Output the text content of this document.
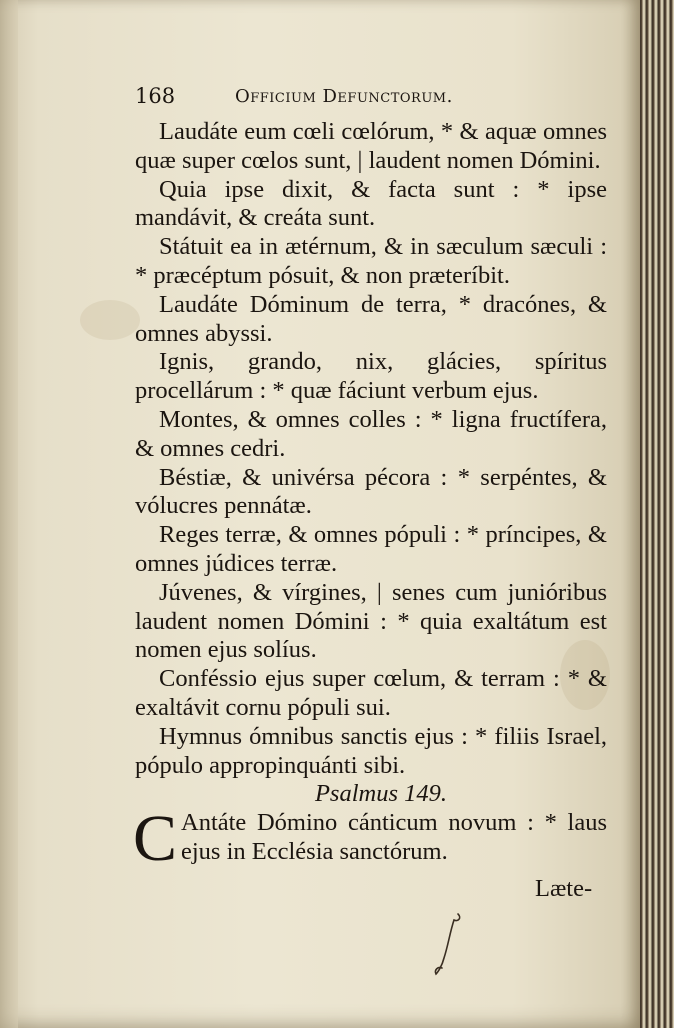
168	Officium Defunctorum.

Laudáte eum cœli cœlórum, * & aquæ omnes quæ super cœlos sunt, | laudent nomen Dómini.

Quia ipse dixit, & facta sunt : * ipse mandávit, & creáta sunt.

Státuit ea in ætérnum, & in sæculum sæculi : * præcéptum pósuit, & non præteríbit.

Laudáte Dóminum de terra, * dracónes, & omnes abyssi.

Ignis, grando, nix, glácies, spíritus procellárum : * quæ fáciunt verbum ejus.

Montes, & omnes colles : * ligna fructífera, & omnes cedri.

Béstiæ, & univérsa pécora : * serpéntes, & vólucres pennátæ.

Reges terræ, & omnes pópuli : * príncipes, & omnes júdices terræ.

Júvenes, & vírgines, | senes cum junióribus laudent nomen Dómini : * quia exaltátum est nomen ejus solíus.

Conféssio ejus super cœlum, & terram : * & exaltávit cornu pópuli sui.

Hymnus ómnibus sanctis ejus : * filiis Israel, pópulo appropinquánti sibi.

Psalmus 149.

C Antáte Dómino cánticum novum : * laus ejus in Ecclésia sanctórum.

Læte-
